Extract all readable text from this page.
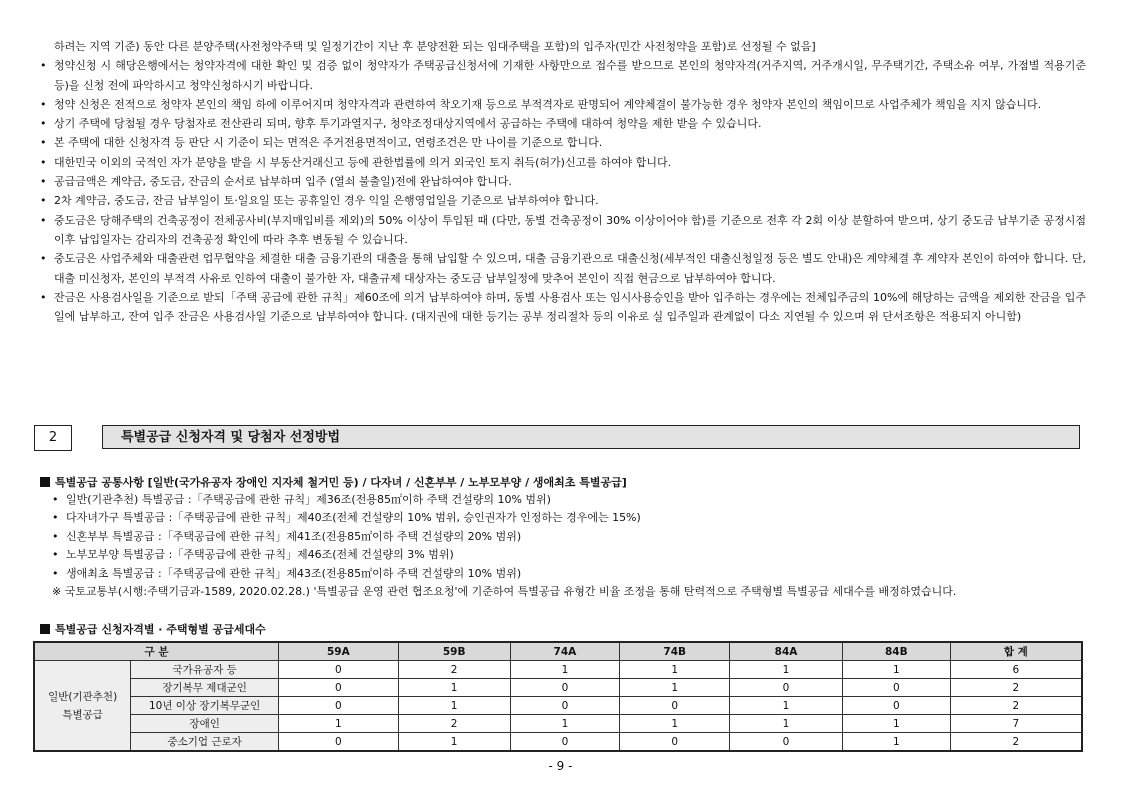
하려는 지역 기준) 동안 다른 분양주택(사전청약주택 및 일정기간이 지난 후 분양전환 되는 임대주택을 포함)의 입주자(민간 사전청약을 포함)로 선정될 수 없음]
• 청약신청 시 해당은행에서는 청약자격에 대한 확인 및 검증 없이 청약자가 주택공급신청서에 기재한 사항만으로 접수를 받으므로 본인의 청약자격(거주지역, 거주개시일, 무주택기간, 주택소유 여부, 가점별 적용기준 등)을 신청 전에 파악하시고 청약신청하시기 바랍니다.
• 청약 신청은 전적으로 청약자 본인의 책임 하에 이루어지며 청약자격과 관련하여 착오기재 등으로 부적격자로 판명되어 계약체결이 불가능한 경우 청약자 본인의 책임이므로 사업주체가 책임을 지지 않습니다.
• 상기 주택에 당첨될 경우 당첨자로 전산관리 되며, 향후 투기과열지구, 청약조정대상지역에서 공급하는 주택에 대하여 청약을 제한 받을 수 있습니다.
• 본 주택에 대한 신청자격 등 판단 시 기준이 되는 면적은 주거전용면적이고, 연령조건은 만 나이를 기준으로 합니다.
• 대한민국 이외의 국적인 자가 분양을 받을 시 부동산거래신고 등에 관한법률에 의거 외국인 토지 취득(허가)신고를 하여야 합니다.
• 공급금액은 계약금, 중도금, 잔금의 순서로 납부하며 입주 (열쇠 불출일)전에 완납하여야 합니다.
• 2차 계약금, 중도금, 잔금 납부일이 토·일요일 또는 공휴일인 경우 익일 은행영업일을 기준으로 납부하여야 합니다.
• 중도금은 당해주택의 건축공정이 전체공사비(부지매입비를 제외)의 50% 이상이 투입된 때 (다만, 동별 건축공정이 30% 이상이어야 함)를 기준으로 전후 각 2회 이상 분할하여 받으며, 상기 중도금 납부기준 공정시점 이후 납입일자는 감리자의 건축공정 확인에 따라 추후 변동될 수 있습니다.
• 중도금은 사업주체와 대출관련 업무협약을 체결한 대출 금융기관의 대출을 통해 납입할 수 있으며, 대출 금융기관으로 대출신청(세부적인 대출신청일정 등은 별도 안내)은 계약체결 후 계약자 본인이 하여야 합니다. 단, 대출 미신청자, 본인의 부적격 사유로 인하여 대출이 불가한 자, 대출규제 대상자는 중도금 납부일정에 맞추어 본인이 직접 현금으로 납부하여야 합니다.
• 잔금은 사용검사일을 기준으로 받되「주택 공급에 관한 규칙」제60조에 의거 납부하여야 하며, 동별 사용검사 또는 임시사용승인을 받아 입주하는 경우에는 전체입주금의 10%에 해당하는 금액을 제외한 잔금을 입주일에 납부하고, 잔여 입주 잔금은 사용검사일 기준으로 납부하여야 합니다. (대지권에 대한 등기는 공부 정리절차 등의 이유로 실 입주일과 관계없이 다소 지연될 수 있으며 위 단서조항은 적용되지 아니함)
2	특별공급 신청자격 및 당첨자 선정방법
특별공급 공통사항 [일반(국가유공자 장애인 지자체 철거민 등) / 다자녀 / 신혼부부 / 노부모부양 / 생애최초 특별공급]
• 일반(기관추천) 특별공급 :「주택공급에 관한 규칙」제36조(전용85㎡이하 주택 건설량의 10% 범위)
• 다자녀가구 특별공급 :「주택공급에 관한 규칙」제40조(전체 건설량의 10% 범위, 승인권자가 인정하는 경우에는 15%)
• 신혼부부 특별공급 :「주택공급에 관한 규칙」제41조(전용85㎡이하 주택 건설량의 20% 범위)
• 노부모부양 특별공급 :「주택공급에 관한 규칙」제46조(전체 건설량의 3% 범위)
• 생애최초 특별공급 :「주택공급에 관한 규칙」제43조(전용85㎡이하 주택 건설량의 10% 범위)
※ 국토교통부(시행:주택기금과-1589, 2020.02.28.) '특별공급 운영 관련 협조요청'에 기준하여 특별공급 유형간 비율 조정을 통해 탄력적으로 주택형별 특별공급 세대수를 배정하였습니다.
특별공급 신청자격별 · 주택형별 공급세대수
구 분		59A	59B	74A	74B	84A	84B	합 계
일반(기관추천)
특별공급	국가유공자 등	0	2	1	1	1	1	6
	장기복무 제대군인	0	1	0	1	0	0	2
	10년 이상 장기복무군인	0	1	0	0	1	0	2
	장애인	1	2	1	1	1	1	7
	중소기업 근로자	0	1	0	0	0	1	2
- 9 -
